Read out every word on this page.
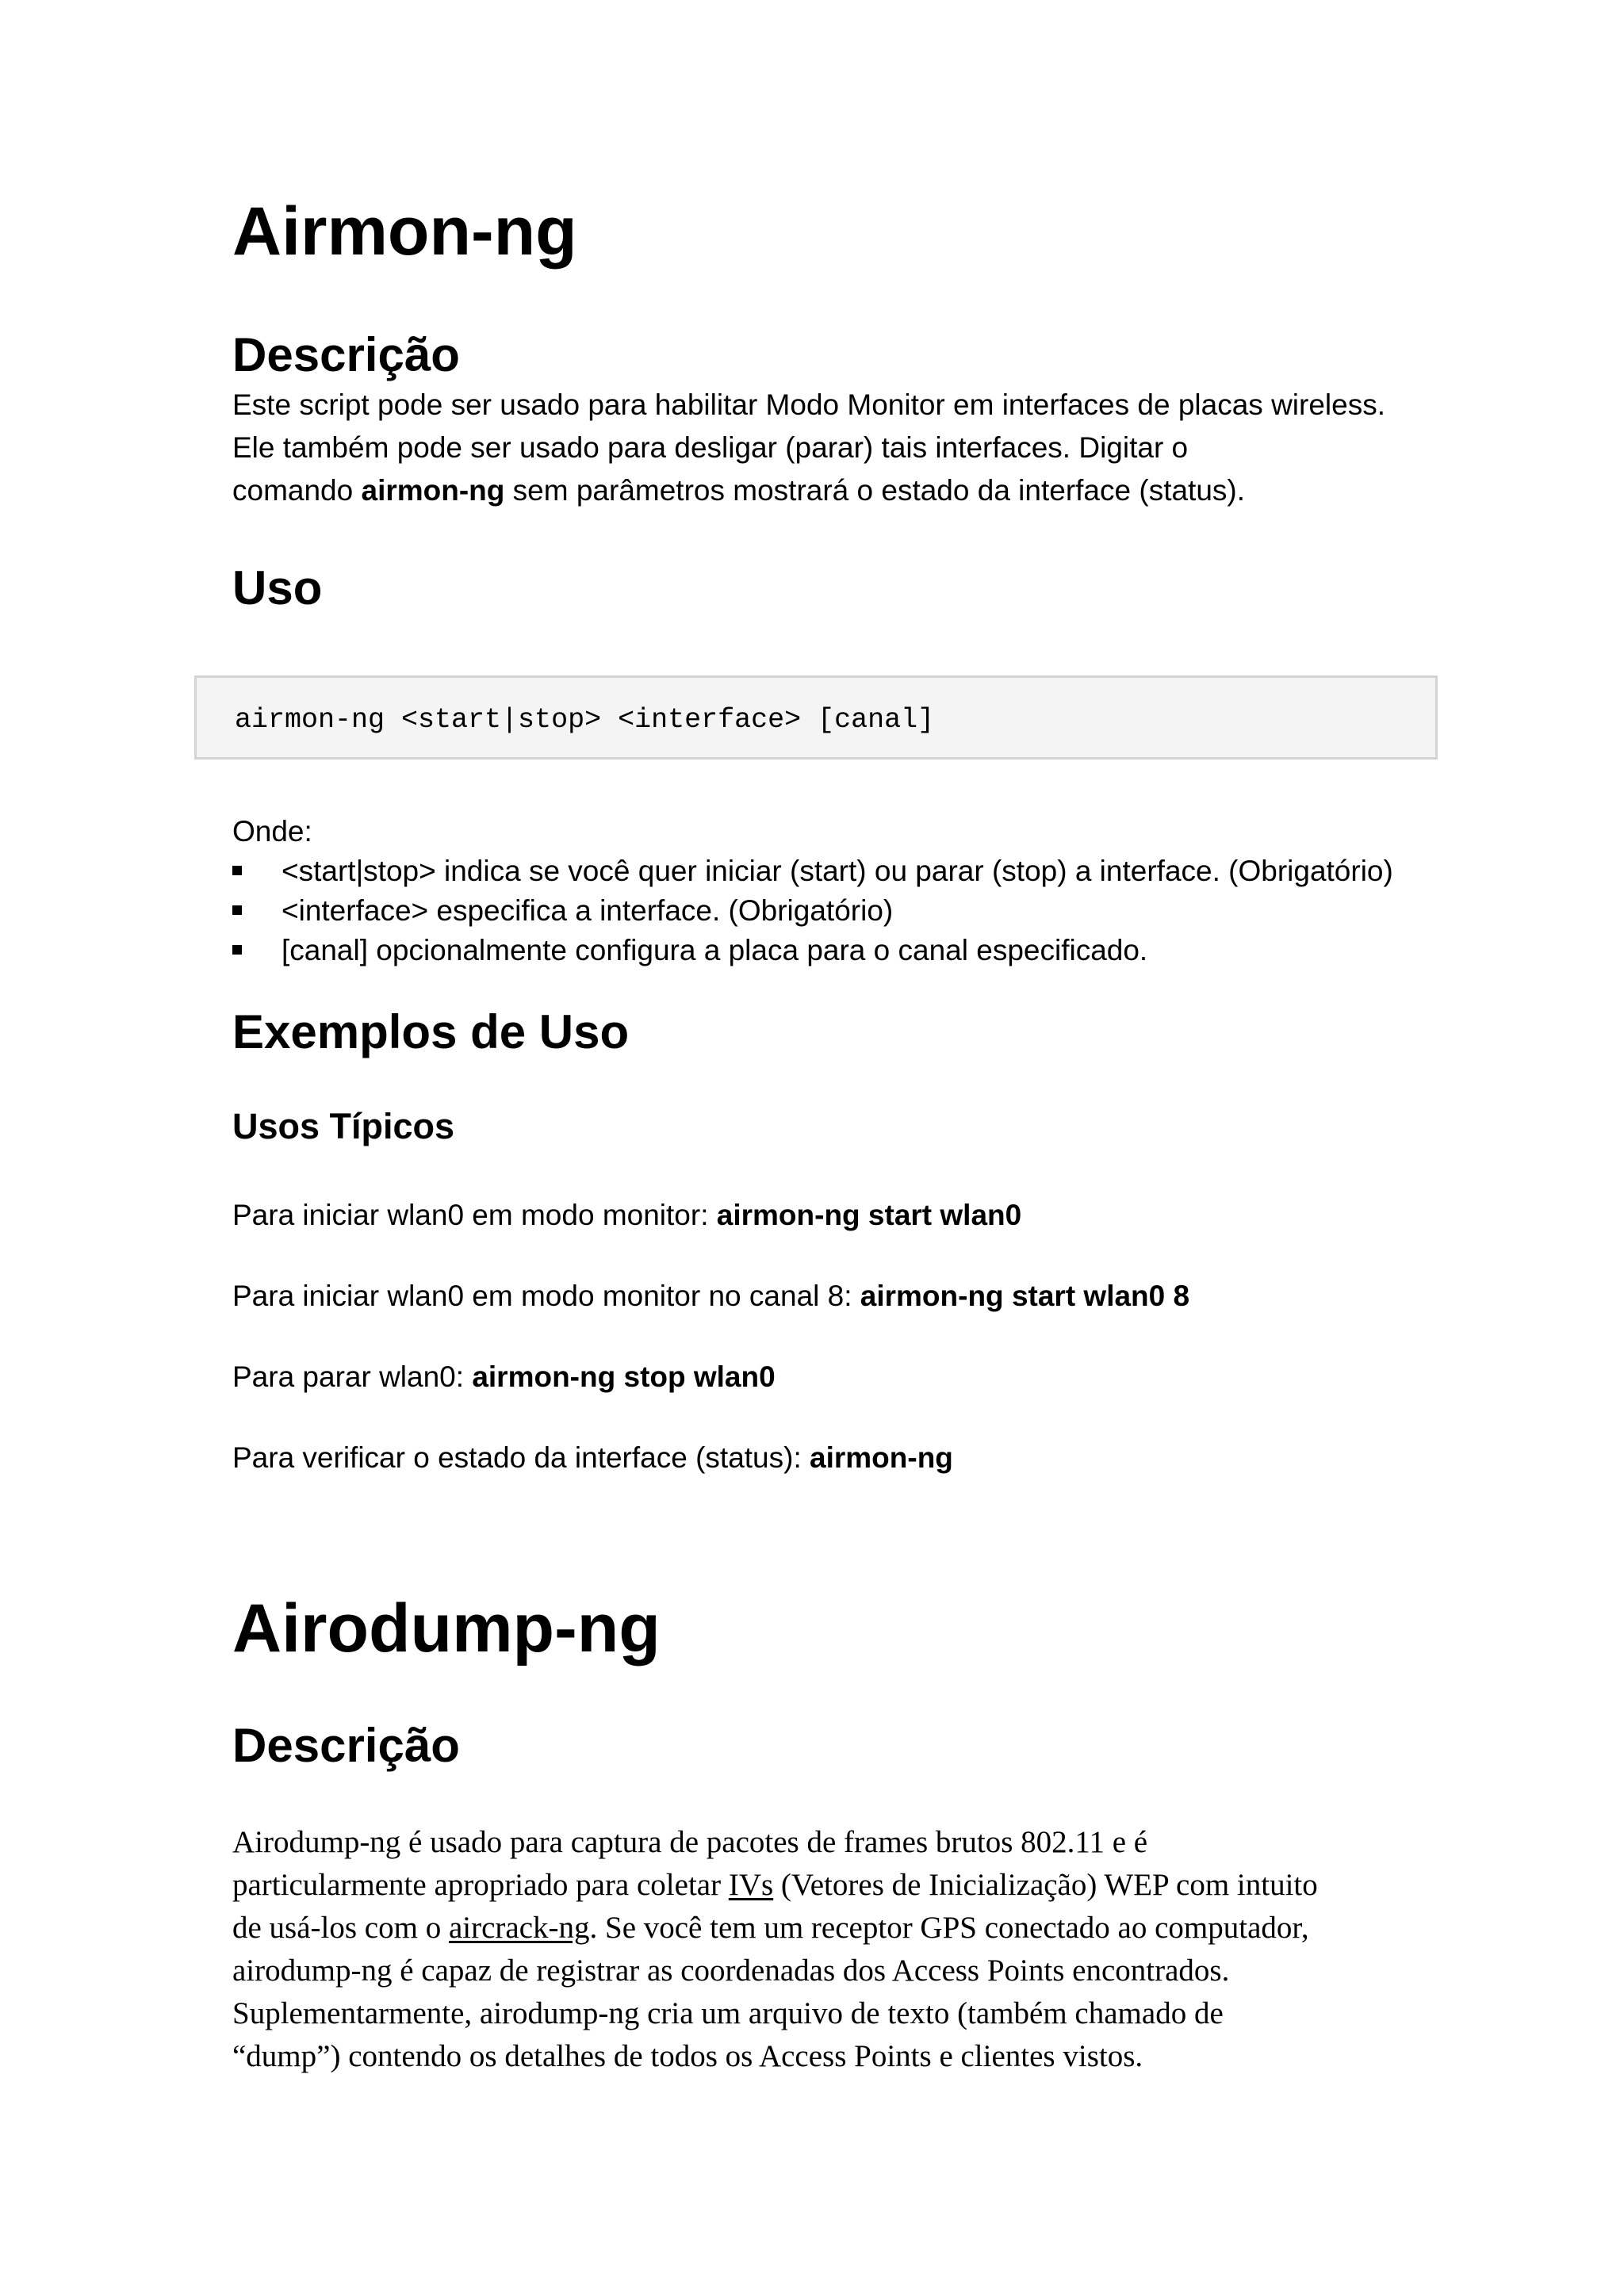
Airmon-ng
Descrição

Este script pode ser usado para habilitar Modo Monitor em interfaces de placas wireless.

Ele também pode ser usado para desligar (parar) tais interfaces. Digitar o

comando airmon-ng sem parâmetros mostrará o estado da interface (status).

Uso
airmon-ng <start|stop> <interface> [canal]

Onde:

<start|stop> indica se você quer iniciar (start) ou parar (stop) a interface. (Obrigatório)
<interface> especifica a interface. (Obrigatório)
[canal] opcionalmente configura a placa para o canal especificado.
Exemplos de Uso
Usos Típicos

Para iniciar wlan0 em modo monitor: airmon-ng start wlan0

Para iniciar wlan0 em modo monitor no canal 8: airmon-ng start wlan0 8

Para parar wlan0: airmon-ng stop wlan0

Para verificar o estado da interface (status): airmon-ng

Airodump-ng
Descrição

Airodump-ng é usado para captura de pacotes de frames brutos 802.11 e é

particularmente apropriado para coletar IVs (Vetores de Inicialização) WEP com intuito

de usá-los com o aircrack-ng. Se você tem um receptor GPS conectado ao computador,

airodump-ng é capaz de registrar as coordenadas dos Access Points encontrados.

Suplementarmente, airodump-ng cria um arquivo de texto (também chamado de

“dump”) contendo os detalhes de todos os Access Points e clientes vistos.
